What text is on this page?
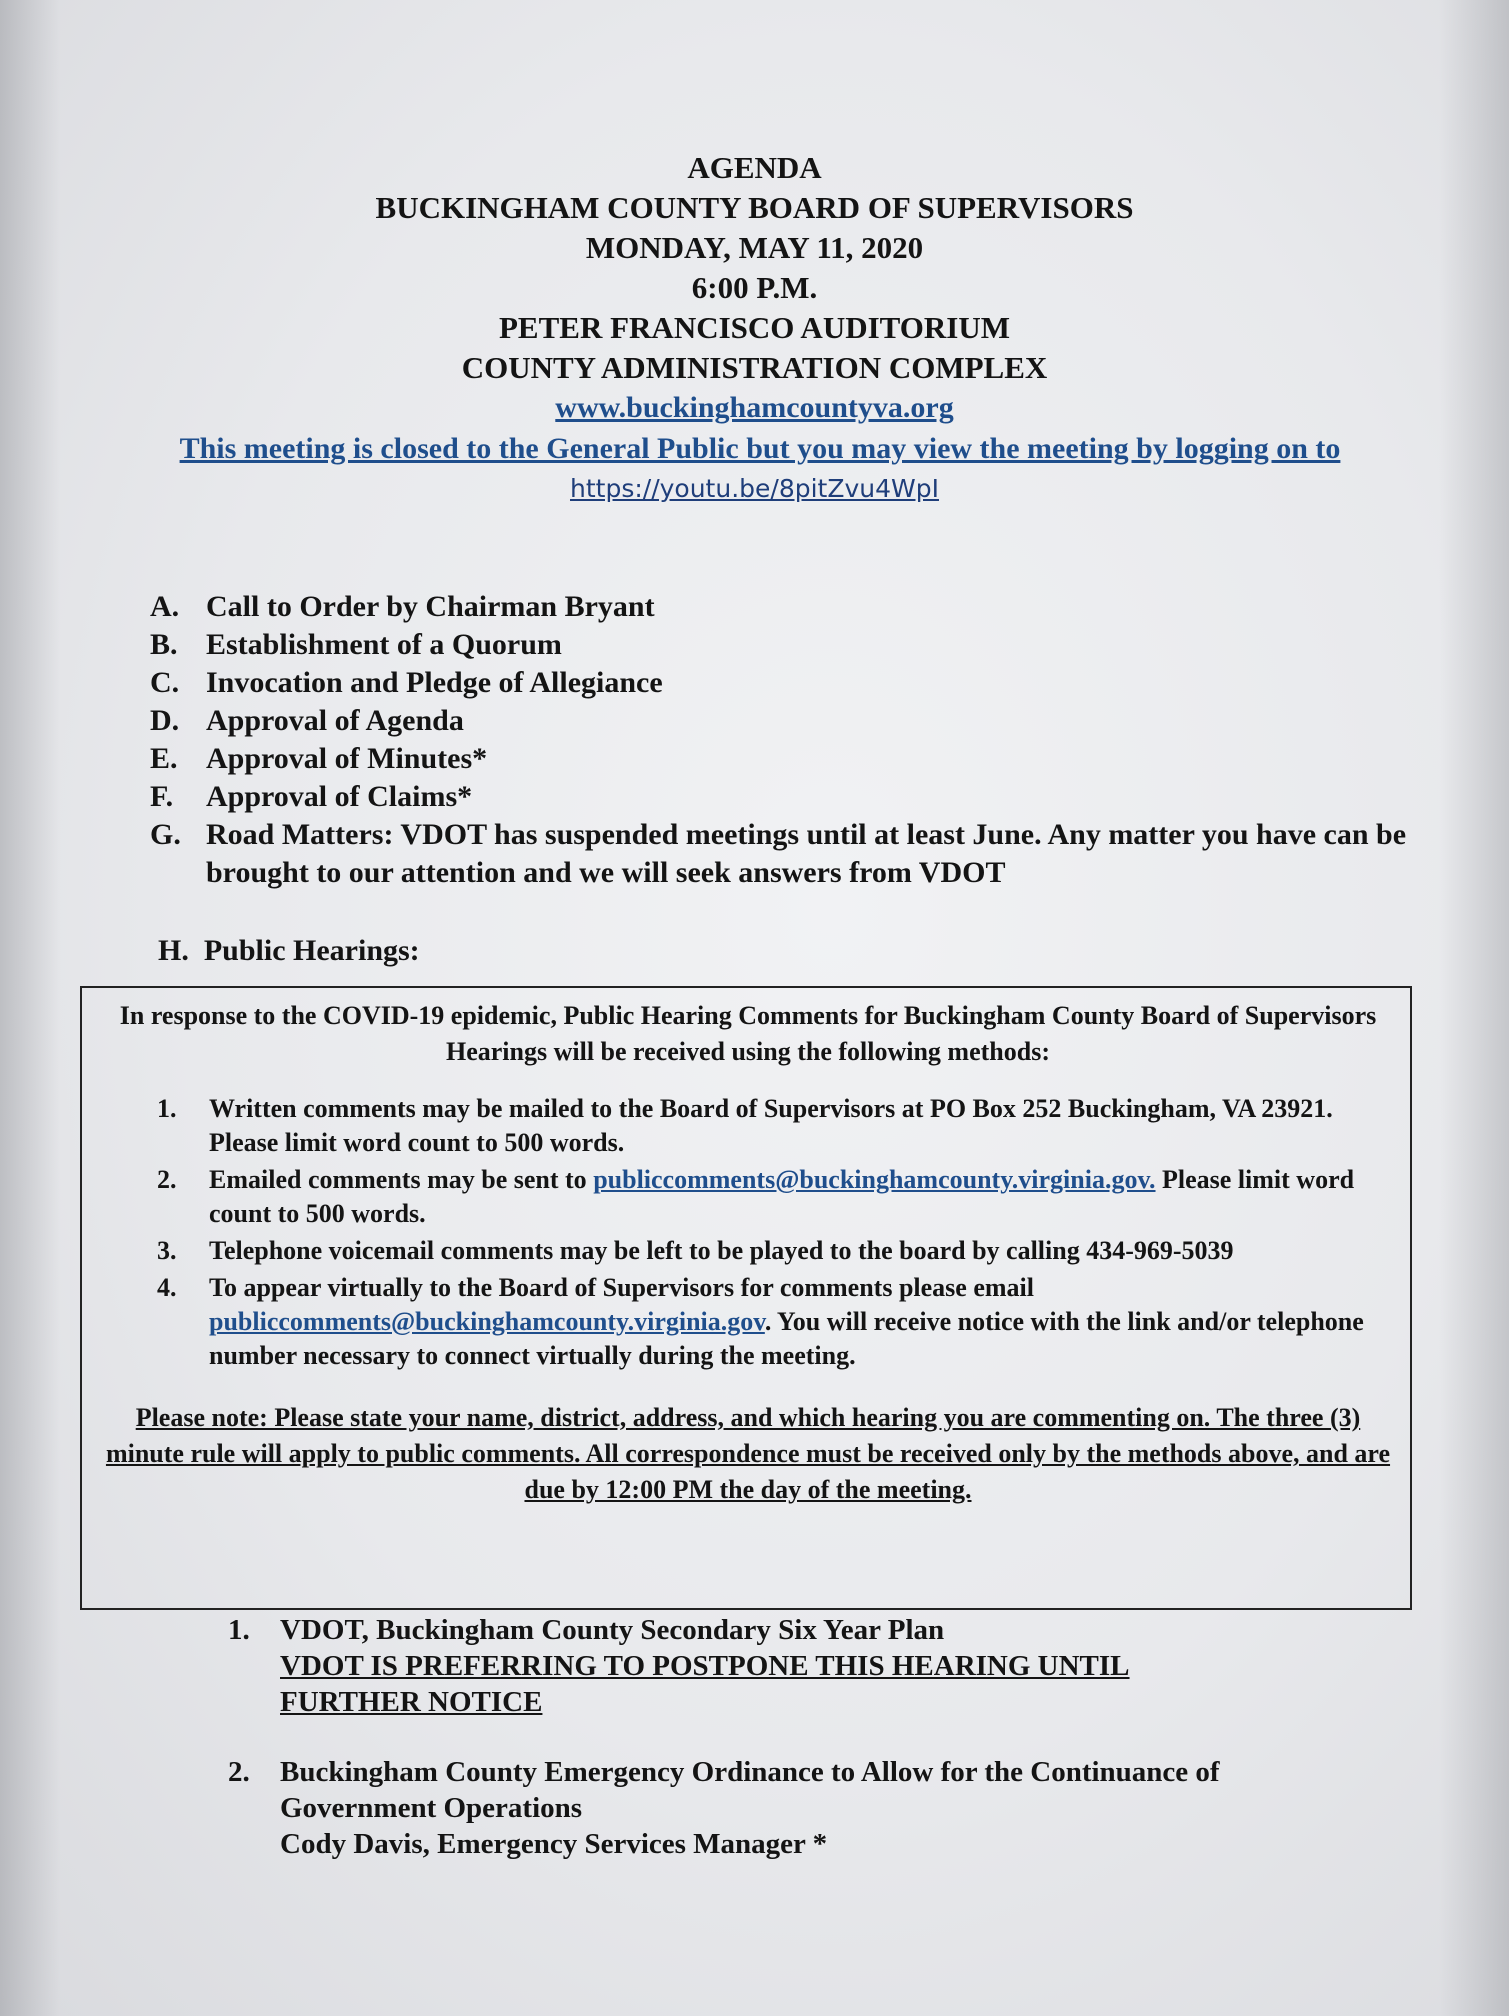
AGENDA
BUCKINGHAM COUNTY BOARD OF SUPERVISORS
MONDAY, MAY 11, 2020
6:00 P.M.
PETER FRANCISCO AUDITORIUM
COUNTY ADMINISTRATION COMPLEX
www.buckinghamcountyva.org
This meeting is closed to the General Public but you may view the meeting by logging on to
https://youtu.be/8pitZvu4WpI
A. Call to Order by Chairman Bryant
B. Establishment of a Quorum
C. Invocation and Pledge of Allegiance
D. Approval of Agenda
E. Approval of Minutes*
F.	Approval of Claims*
G. Road Matters: VDOT has suspended meetings until at least June. Any matter you have can be brought to our attention and we will seek answers from VDOT
H. Public Hearings:
In response to the COVID-19 epidemic, Public Hearing Comments for Buckingham County Board of Supervisors Hearings will be received using the following methods:
1.	Written comments may be mailed to the Board of Supervisors at PO Box 252 Buckingham, VA 23921. Please limit word count to 500 words.
2.	Emailed comments may be sent to publiccomments@buckinghamcounty.virginia.gov. Please limit word count to 500 words.
3.	Telephone voicemail comments may be left to be played to the board by calling 434-969-5039
4.	To appear virtually to the Board of Supervisors for comments please email publiccomments@buckinghamcounty.virginia.gov. You will receive notice with the link and/or telephone number necessary to connect virtually during the meeting.
Please note: Please state your name, district, address, and which hearing you are commenting on. The three (3) minute rule will apply to public comments. All correspondence must be received only by the methods above, and are due by 12:00 PM the day of the meeting.
1.	VDOT, Buckingham County Secondary Six Year Plan
VDOT IS PREFERRING TO POSTPONE THIS HEARING UNTIL
FURTHER NOTICE
2.	Buckingham County Emergency Ordinance to Allow for the Continuance of
Government Operations
Cody Davis, Emergency Services Manager *
